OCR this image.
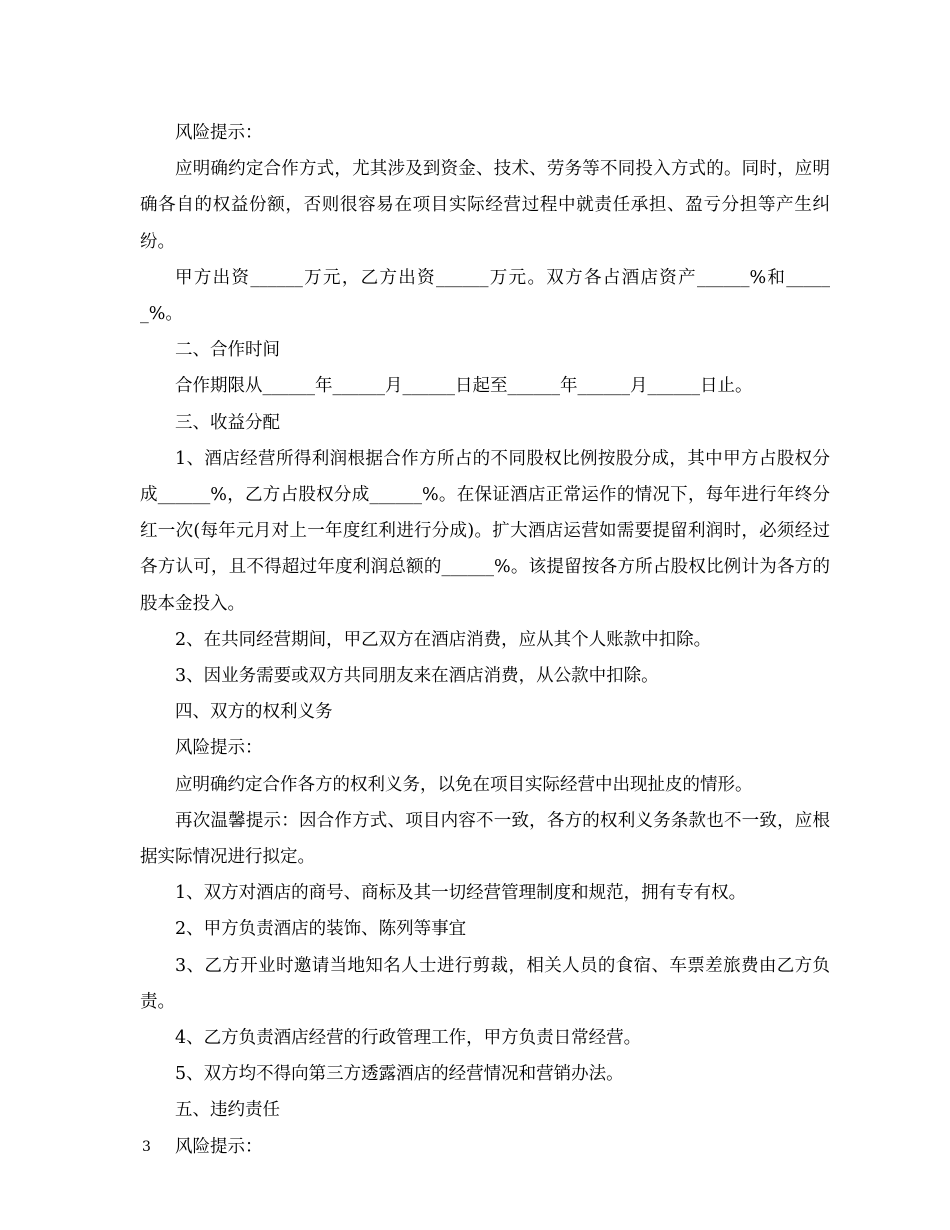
风险提示：

应明确约定合作方式，尤其涉及到资金、技术、劳务等不同投入方式的。同时，应明确各自的权益份额，否则很容易在项目实际经营过程中就责任承担、盈亏分担等产生纠纷。

甲方出资______万元，乙方出资______万元。双方各占酒店资产______%和______%。

二、合作时间

合作期限从______年______月______日起至______年______月______日止。

三、收益分配

1、酒店经营所得利润根据合作方所占的不同股权比例按股分成，其中甲方占股权分成______%，乙方占股权分成______%。在保证酒店正常运作的情况下，每年进行年终分红一次(每年元月对上一年度红利进行分成)。扩大酒店运营如需要提留利润时，必须经过各方认可，且不得超过年度利润总额的______%。该提留按各方所占股权比例计为各方的股本金投入。

2、在共同经营期间，甲乙双方在酒店消费，应从其个人账款中扣除。

3、因业务需要或双方共同朋友来在酒店消费，从公款中扣除。

四、双方的权利义务

风险提示：

应明确约定合作各方的权利义务，以免在项目实际经营中出现扯皮的情形。

再次温馨提示：因合作方式、项目内容不一致，各方的权利义务条款也不一致，应根据实际情况进行拟定。

1、双方对酒店的商号、商标及其一切经营管理制度和规范，拥有专有权。

2、甲方负责酒店的装饰、陈列等事宜

3、乙方开业时邀请当地知名人士进行剪裁，相关人员的食宿、车票差旅费由乙方负责。

4、乙方负责酒店经营的行政管理工作，甲方负责日常经营。

5、双方均不得向第三方透露酒店的经营情况和营销办法。

五、违约责任

风险提示：

3
